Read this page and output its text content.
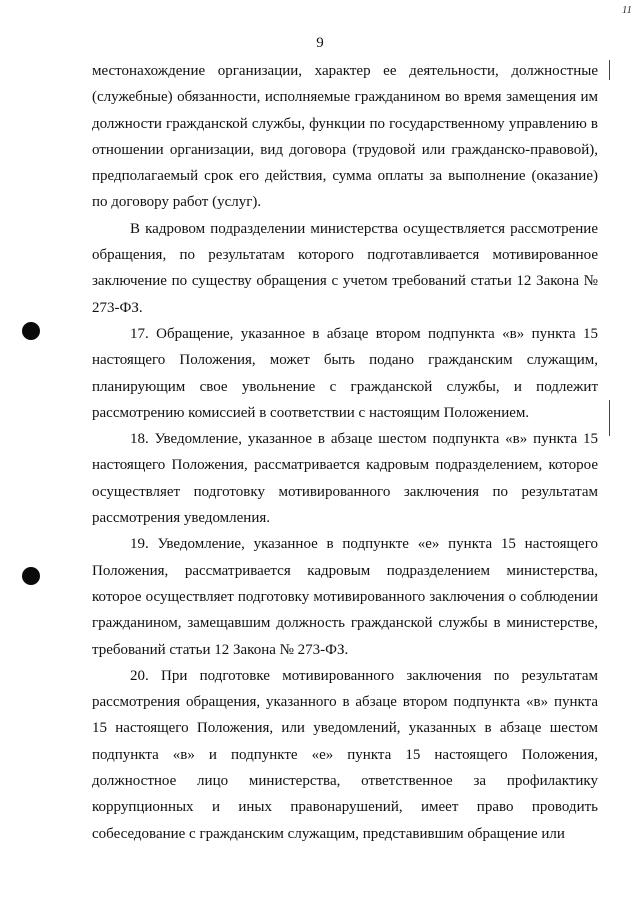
11
9

местонахождение организации, характер ее деятельности, должностные (служебные) обязанности, исполняемые гражданином во время замещения им должности гражданской службы, функции по государственному управлению в отношении организации, вид договора (трудовой или гражданско-правовой), предполагаемый срок его действия, сумма оплаты за выполнение (оказание) по договору работ (услуг).

В кадровом подразделении министерства осуществляется рассмотрение обращения, по результатам которого подготавливается мотивированное заключение по существу обращения с учетом требований статьи 12 Закона № 273-ФЗ.

17. Обращение, указанное в абзаце втором подпункта «в» пункта 15 настоящего Положения, может быть подано гражданским служащим, планирующим свое увольнение с гражданской службы, и подлежит рассмотрению комиссией в соответствии с настоящим Положением.

18. Уведомление, указанное в абзаце шестом подпункта «в» пункта 15 настоящего Положения, рассматривается кадровым подразделением, которое осуществляет подготовку мотивированного заключения по результатам рассмотрения уведомления.

19. Уведомление, указанное в подпункте «е» пункта 15 настоящего Положения, рассматривается кадровым подразделением министерства, которое осуществляет подготовку мотивированного заключения о соблюдении гражданином, замещавшим должность гражданской службы в министерстве, требований статьи 12 Закона № 273-ФЗ.

20. При подготовке мотивированного заключения по результатам рассмотрения обращения, указанного в абзаце втором подпункта «в» пункта 15 настоящего Положения, или уведомлений, указанных в абзаце шестом подпункта «в» и подпункте «е» пункта 15 настоящего Положения, должностное лицо министерства, ответственное за профилактику коррупционных и иных правонарушений, имеет право проводить собеседование с гражданским служащим, представившим обращение или
